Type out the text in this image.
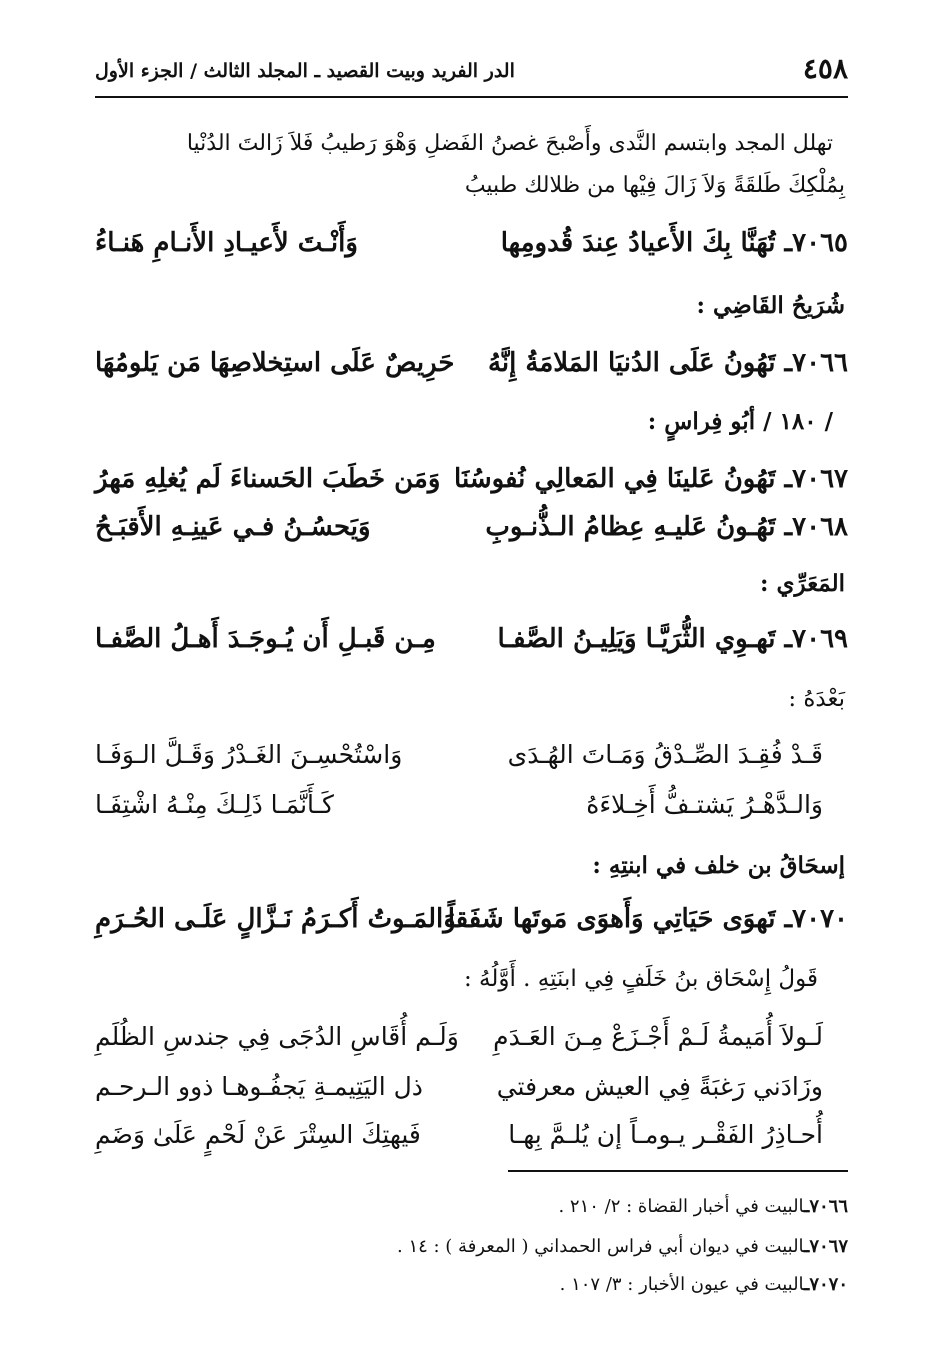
٤٥٨
الدر الفريد وبيت القصيد ـ المجلد الثالث / الجزء الأول
تهلل المجد وابتسم النَّدى وأَصْبحَ غصنُ الفَضلِ وَهْوَ رَطيبُ فَلاَ زَالتَ الدُنْيا
بِمُلْكِكَ طَلقَةً وَلاَ زَالَ فِيْها من ظلالك طبيبُ
٧٠٦٥ـ تُهَنَّا بِكَ الأَعيادُ عِندَ قُدومِها
وَأَنْـتَ لأَعيـادِ الأَنـامِ هَنـاءُ
شُرَيحُ القَاضِي :
٧٠٦٦ـ تَهُونُ عَلَى الدُنيَا المَلامَةُ إِنَّهُ
حَرِيصٌ عَلَى استِخلاصِهَا مَن يَلومُهَا
/ ١٨٠ / أبُو فِراسٍ :
٧٠٦٧ـ تَهُونُ عَلينَا فِي المَعالِي نُفوسُنَا
وَمَن خَطَبَ الحَسناءَ لَم يُغلِهِ مَهرُ
٧٠٦٨ـ تَهُـونُ عَليـهِ عِظامُ الـذُّنـوبِ
وَيَحسُـنُ فـي عَينِـهِ الأَقبَـحُ
المَعَرِّي :
٧٠٦٩ـ تَهـوِي الثُّرَيَّـا وَيَلِيـنُ الصَّفـا
مِـن قَبـلِ أَن يُـوجَـدَ أَهـلُ الصَّفـا
بَعْدَهُ :
قَـدْ فُقِـدَ الصِّـدْقُ وَمَـاتَ الهُـدَى
وَاسْتُحْسِـنَ الغَـدْرُ وَقَـلَّ الـوَفَـا
وَالـدَّهْـرُ يَشتـفُّ أَخِـلاءَهُ
كَـأَنَّمَـا ذَلِـكَ مِنْـهُ اشْتِفَـا
إسحَاقُ بن خلف في ابنتِهِ :
٧٠٧٠ـ تَهوَى حَيَاتِي وَأَهوَى مَوتَها شَفَقاً
وَالمَـوتُ أَكـرَمُ نَـزَّالٍ عَلَـى الحُـرَمِ
قَولُ إِسْحَاق بنُ خَلَفٍ فِي ابنَتِهِ . أَوَّلُهُ :
لَـولاَ أُمَيمةُ لَـمْ أَجْـزَعْ مِـنَ العَـدَمِ
وَلَـم أُقَاسِ الدُجَى فِي جندسِ الظُلَمِ
وزَادَني رَغبَةً فِي العيش معرفتي
ذل اليَتِيمـةِ يَجفُـوهـا ذوو الـرحـم
أُحـاذِرُ الفَقْـر يـومـاً إن يُلـمَّ بِهـا
فَيهتِكَ السِتْرَ عَنْ لَحْمٍ عَلَىٰ وَضَمِ
٧٠٦٦ـالبيت في أخبار القضاة : ٢/ ٢١٠ .
٧٠٦٧ـالبيت في ديوان أبي فراس الحمداني ( المعرفة ) : ١٤ .
٧٠٧٠ـالبيت في عيون الأخبار : ٣/ ١٠٧ .
